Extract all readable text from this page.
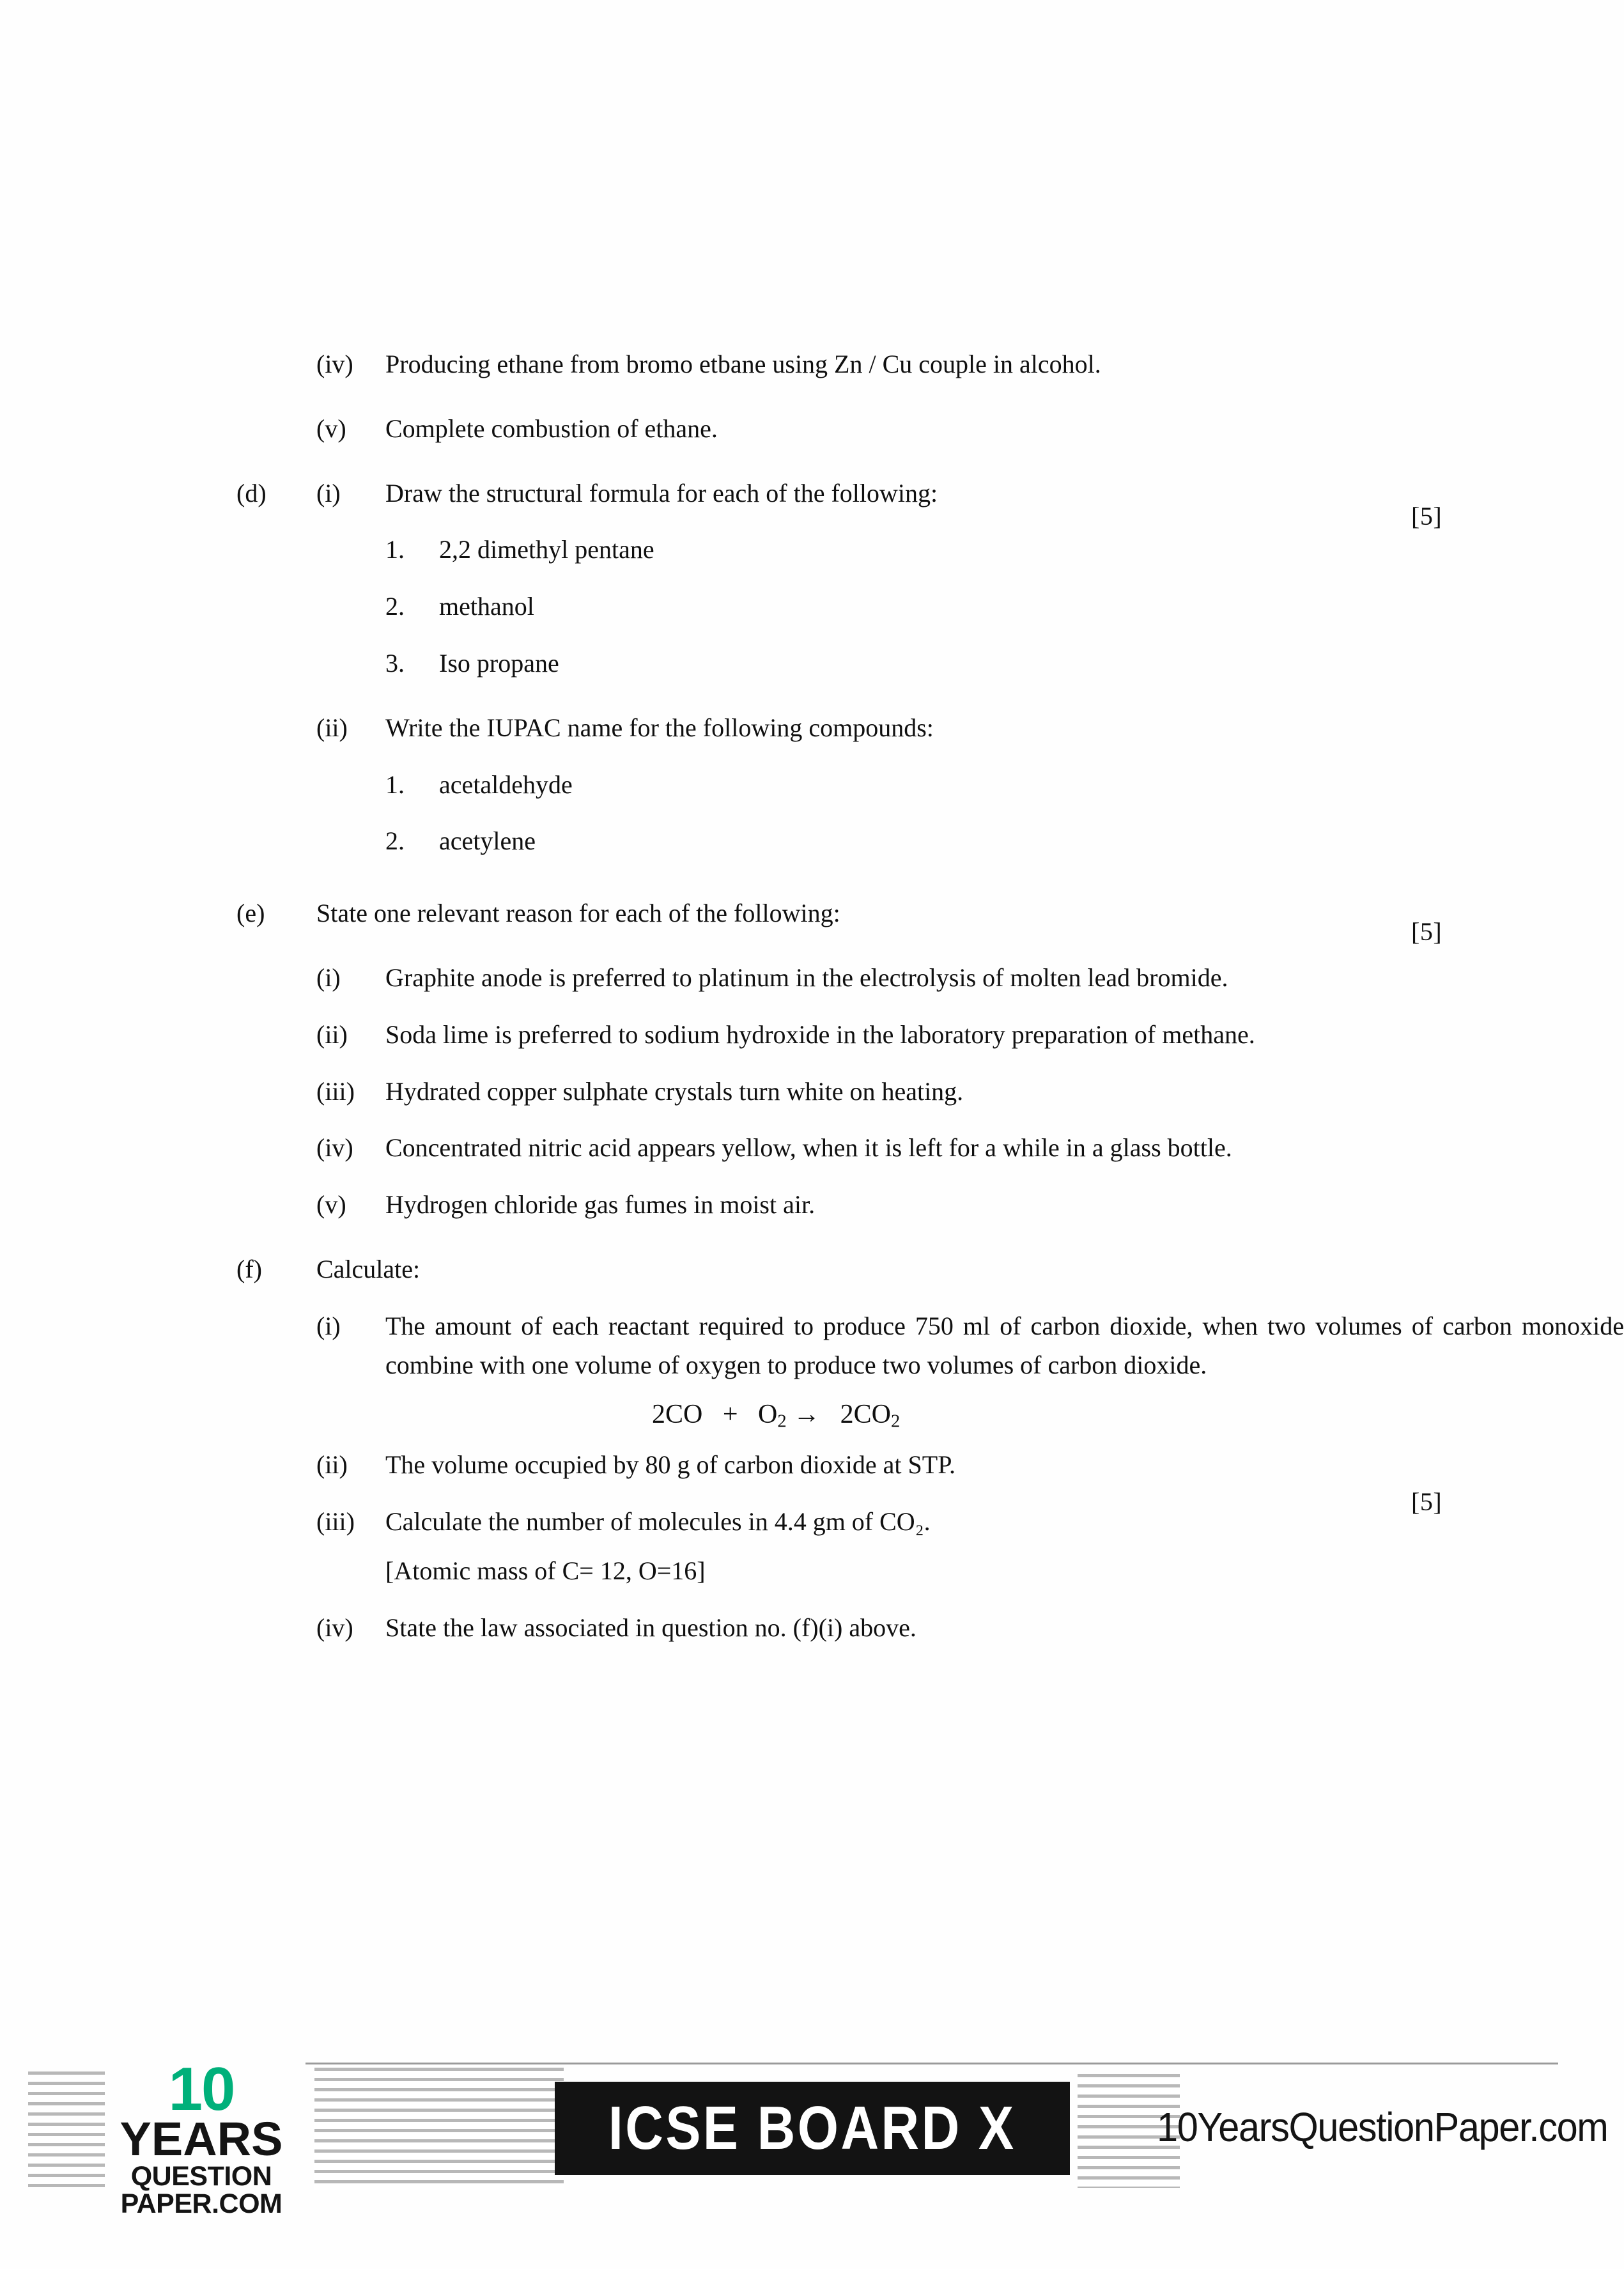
(iv)	Producing ethane from bromo etbane using Zn / Cu couple in alcohol.
(v)	Complete combustion of ethane.
(d)	(i)	Draw the structural formula for each of the following:
1.	2,2 dimethyl pentane
2.	methanol
3.	Iso propane
(ii)	Write the IUPAC name for the following compounds:
1.	acetaldehyde
2.	acetylene
(e)	State one relevant reason for each of the following:
(i)	Graphite anode is preferred to platinum in the electrolysis of molten lead bromide.
(ii)	Soda lime is preferred to sodium hydroxide in the laboratory preparation of methane.
(iii)	Hydrated copper sulphate crystals turn white on heating.
(iv)	Concentrated nitric acid appears yellow, when it is left for a while in a glass bottle.
(v)	Hydrogen chloride gas fumes in moist air.
(f)	Calculate:
(i)	The amount of each reactant required to produce 750 ml of carbon dioxide, when two volumes of carbon monoxide combine with one volume of oxygen to produce two volumes of carbon dioxide.
$2CO + O_2 \to 2CO_2$
(ii)	The volume occupied by 80 g of carbon dioxide at STP.
(iii)	Calculate the number of molecules in 4.4 gm of CO₂.
[Atomic mass of C= 12, O=16]
(iv)	State the law associated in question no. (f)(i) above.
[5]
[5]
[5]
10
YEARS
QUESTION PAPER.COM
ICSE BOARD X	10YearsQuestionPaper.com
